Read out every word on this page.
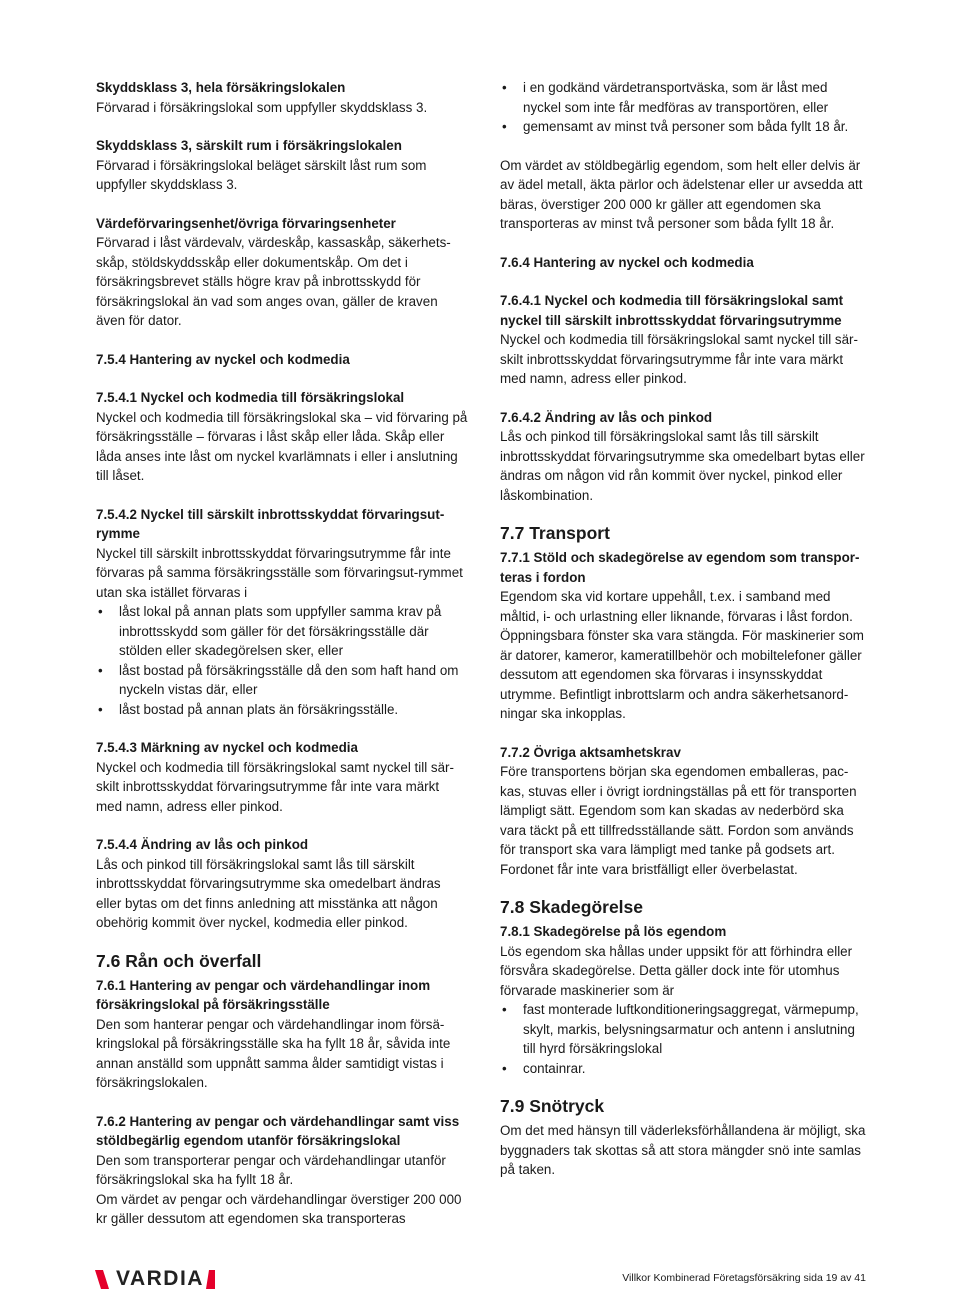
Skyddsklass 3, hela försäkringslokalen

Förvarad i försäkringslokal som uppfyller skyddsklass 3.

Skyddsklass 3, särskilt rum i försäkringslokalen

Förvarad i försäkringslokal beläget särskilt låst rum som uppfyller skyddsklass 3.

Värdeförvaringsenhet/övriga förvaringsenheter

Förvarad i låst värdevalv, värdeskåp, kassaskåp, säkerhets-skåp, stöldskyddsskåp eller dokumentskåp. Om det i försäkringsbrevet ställs högre krav på inbrottsskydd för försäkringslokal än vad som anges ovan, gäller de kraven även för dator.

7.5.4 Hantering av nyckel och kodmedia

7.5.4.1 Nyckel och kodmedia till försäkringslokal

Nyckel och kodmedia till försäkringslokal ska – vid förvaring på försäkringsställe – förvaras i låst skåp eller låda. Skåp eller låda anses inte låst om nyckel kvarlämnats i eller i anslutning till låset.

7.5.4.2 Nyckel till särskilt inbrottsskyddat förvaringsut-rymme

Nyckel till särskilt inbrottsskyddat förvaringsutrymme får inte förvaras på samma försäkringsställe som förvaringsut-rymmet utan ska istället förvaras i

• låst lokal på annan plats som uppfyller samma krav på inbrottsskydd som gäller för det försäkringsställe där stölden eller skadegörelsen sker, eller
• låst bostad på försäkringsställe då den som haft hand om nyckeln vistas där, eller
• låst bostad på annan plats än försäkringsställe.

7.5.4.3 Märkning av nyckel och kodmedia

Nyckel och kodmedia till försäkringslokal samt nyckel till sär-skilt inbrottsskyddat förvaringsutrymme får inte vara märkt med namn, adress eller pinkod.

7.5.4.4 Ändring av lås och pinkod

Lås och pinkod till försäkringslokal samt lås till särskilt inbrottsskyddat förvaringsutrymme ska omedelbart ändras eller bytas om det finns anledning att misstänka att någon obehörig kommit över nyckel, kodmedia eller pinkod.

7.6 Rån och överfall

7.6.1 Hantering av pengar och värdehandlingar inom försäkringslokal på försäkringsställe

Den som hanterar pengar och värdehandlingar inom försä-kringslokal på försäkringsställe ska ha fyllt 18 år, såvida inte annan anställd som uppnått samma ålder samtidigt vistas i försäkringslokalen.

7.6.2 Hantering av pengar och värdehandlingar samt viss stöldbegärlig egendom utanför försäkringslokal

Den som transporterar pengar och värdehandlingar utanför försäkringslokal ska ha fyllt 18 år.

Om värdet av pengar och värdehandlingar överstiger 200 000 kr gäller dessutom att egendomen ska transporteras

• i en godkänd värdetransportväska, som är låst med nyckel som inte får medföras av transportören, eller
• gemensamt av minst två personer som båda fyllt 18 år.

Om värdet av stöldbegärlig egendom, som helt eller delvis är av ädel metall, äkta pärlor och ädelstenar eller ur avsedda att bäras, överstiger 200 000 kr gäller att egendomen ska transporteras av minst två personer som båda fyllt 18 år.

7.6.4 Hantering av nyckel och kodmedia

7.6.4.1 Nyckel och kodmedia till försäkringslokal samt nyckel till särskilt inbrottsskyddat förvaringsutrymme

Nyckel och kodmedia till försäkringslokal samt nyckel till sär-skilt inbrottsskyddat förvaringsutrymme får inte vara märkt med namn, adress eller pinkod.

7.6.4.2 Ändring av lås och pinkod

Lås och pinkod till försäkringslokal samt lås till särskilt inbrottsskyddat förvaringsutrymme ska omedelbart bytas eller ändras om någon vid rån kommit över nyckel, pinkod eller låskombination.

7.7 Transport

7.7.1 Stöld och skadegörelse av egendom som transpor-teras i fordon

Egendom ska vid kortare uppehåll, t.ex. i samband med måltid, i- och urlastning eller liknande, förvaras i låst fordon. Öppningsbara fönster ska vara stängda. För maskinerier som är datorer, kameror, kameratillbehör och mobiltelefoner gäller dessutom att egendomen ska förvaras i insynsskyddat utrymme. Befintligt inbrottslarm och andra säkerhetsanord-ningar ska inkopplas.

7.7.2 Övriga aktsamhetskrav

Före transportens början ska egendomen emballeras, pac-kas, stuvas eller i övrigt iordningställas på ett för transporten lämpligt sätt. Egendom som kan skadas av nederbörd ska vara täckt på ett tillfredsställande sätt. Fordon som används för transport ska vara lämpligt med tanke på godsets art. Fordonet får inte vara bristfälligt eller överbelastat.

7.8 Skadegörelse

7.8.1 Skadegörelse på lös egendom

Lös egendom ska hållas under uppsikt för att förhindra eller försvåra skadegörelse. Detta gäller dock inte för utomhus förvarade maskinerier som är

• fast monterade luftkonditioneringsaggregat, värmepump, skylt, markis, belysningsarmatur och antenn i anslutning till hyrd försäkringslokal
• containrar.

7.9 Snötryck

Om det med hänsyn till väderleksförhållandena är möjligt, ska byggnaders tak skottas så att stora mängder snö inte samlas på taken.

VARDIA	Villkor Kombinerad Företagsförsäkring sida 19 av 41
